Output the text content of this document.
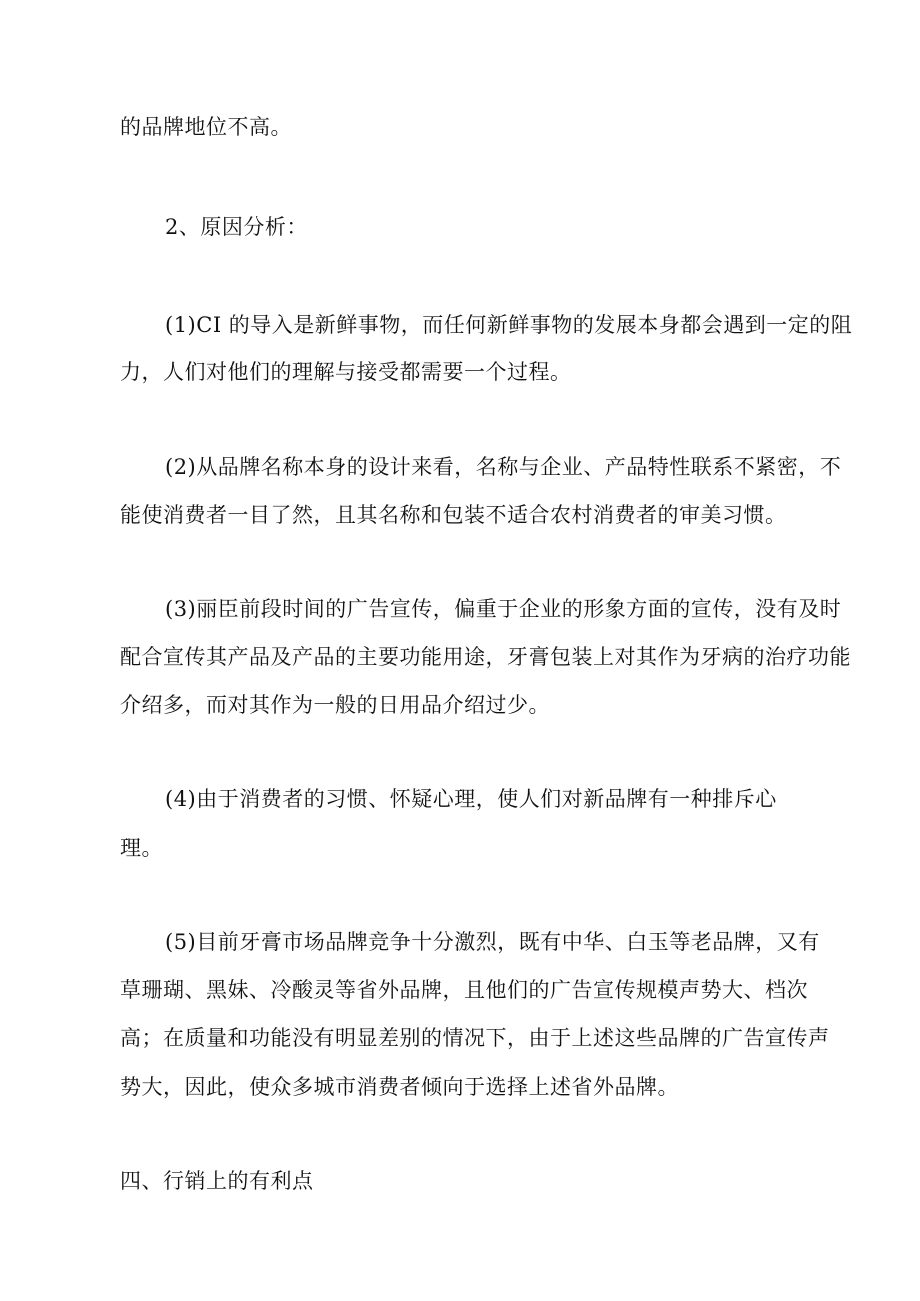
的品牌地位不高。
2、原因分析：
(1)CI 的导入是新鲜事物，而任何新鲜事物的发展本身都会遇到一定的阻
力，人们对他们的理解与接受都需要一个过程。
(2)从品牌名称本身的设计来看，名称与企业、产品特性联系不紧密，不
能使消费者一目了然，且其名称和包装不适合农村消费者的审美习惯。
(3)丽臣前段时间的广告宣传，偏重于企业的形象方面的宣传，没有及时
配合宣传其产品及产品的主要功能用途，牙膏包装上对其作为牙病的治疗功能
介绍多，而对其作为一般的日用品介绍过少。
(4)由于消费者的习惯、怀疑心理，使人们对新品牌有一种排斥心
理。
(5)目前牙膏市场品牌竞争十分激烈，既有中华、白玉等老品牌，又有
草珊瑚、黑妹、冷酸灵等省外品牌，且他们的广告宣传规模声势大、档次
高；在质量和功能没有明显差别的情况下，由于上述这些品牌的广告宣传声
势大，因此，使众多城市消费者倾向于选择上述省外品牌。
四、行销上的有利点
